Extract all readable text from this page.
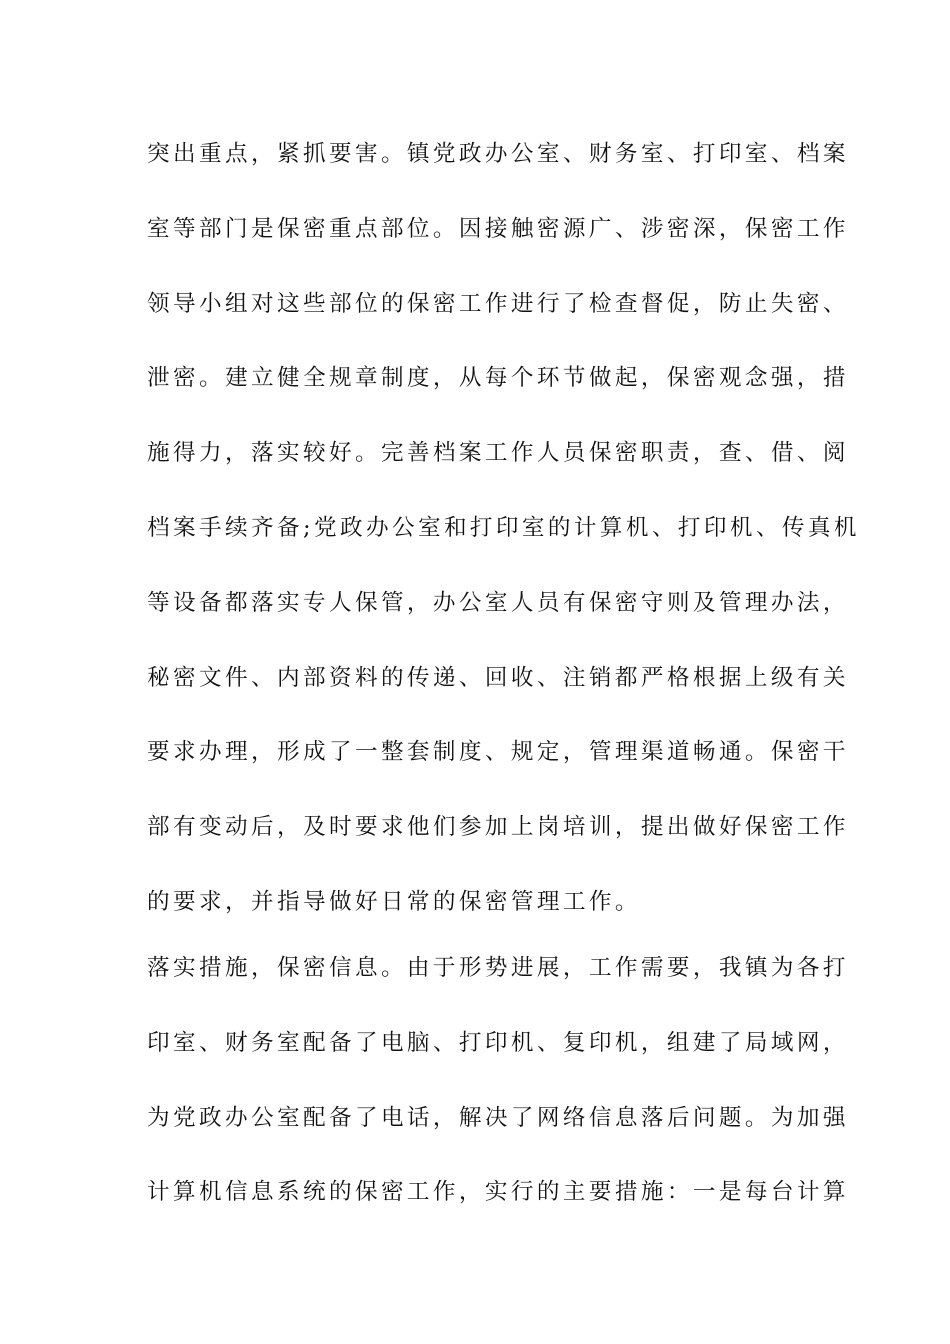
突出重点，紧抓要害。镇党政办公室、财务室、打印室、档案
室等部门是保密重点部位。因接触密源广、涉密深，保密工作
领导小组对这些部位的保密工作进行了检查督促，防止失密、
泄密。建立健全规章制度，从每个环节做起，保密观念强，措
施得力，落实较好。完善档案工作人员保密职责，查、借、阅
档案手续齐备;党政办公室和打印室的计算机、打印机、传真机
等设备都落实专人保管，办公室人员有保密守则及管理办法，
秘密文件、内部资料的传递、回收、注销都严格根据上级有关
要求办理，形成了一整套制度、规定，管理渠道畅通。保密干
部有变动后，及时要求他们参加上岗培训，提出做好保密工作
的要求，并指导做好日常的保密管理工作。
落实措施，保密信息。由于形势进展，工作需要，我镇为各打
印室、财务室配备了电脑、打印机、复印机，组建了局域网，
为党政办公室配备了电话，解决了网络信息落后问题。为加强
计算机信息系统的保密工作，实行的主要措施：一是每台计算
